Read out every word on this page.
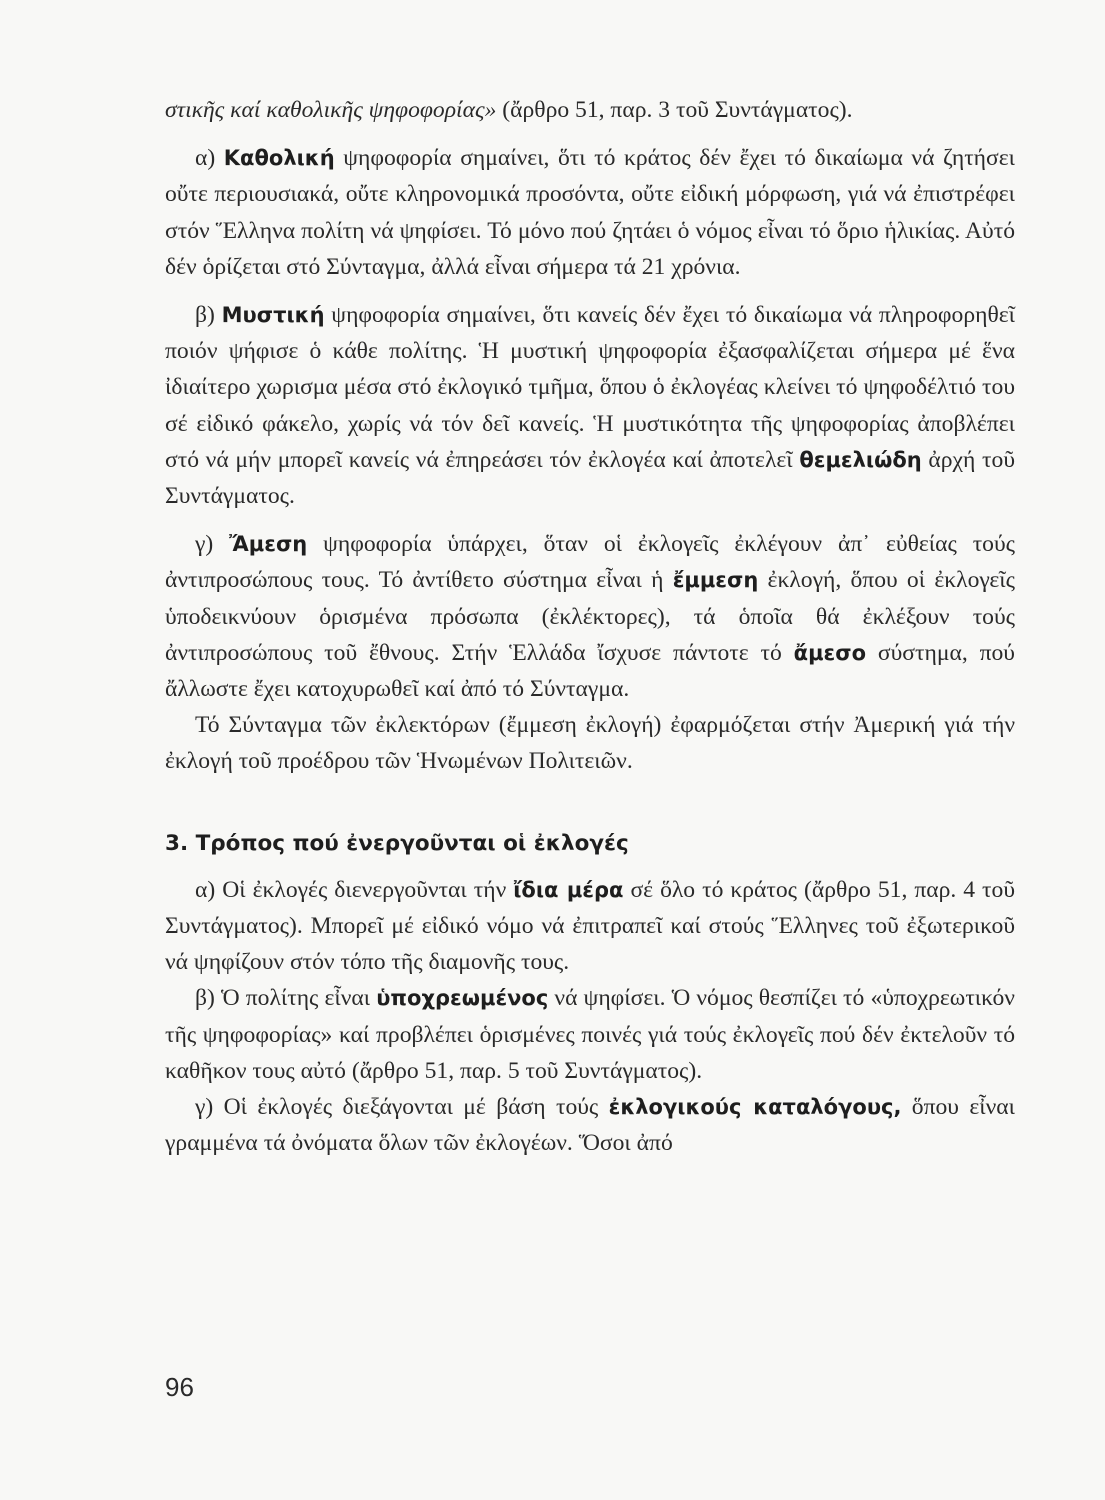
στικῆς καί καθολικῆς ψηφοφορίας» (ἄρθρο 51, παρ. 3 τοῦ Συντάγματος).

α) Καθολική ψηφοφορία σημαίνει, ὅτι τό κράτος δέν ἔχει τό δικαίωμα νά ζητήσει οὔτε περιουσιακά, οὔτε κληρονομικά προσόντα, οὔτε εἰδική μόρφωση, γιά νά ἐπιστρέφει στόν Ἕλληνα πολίτη νά ψηφίσει. Τό μόνο πού ζητάει ὁ νόμος εἶναι τό ὅριο ἡλικίας. Αὐτό δέν ὁρίζεται στό Σύνταγμα, ἀλλά εἶναι σήμερα τά 21 χρόνια.

β) Μυστική ψηφοφορία σημαίνει, ὅτι κανείς δέν ἔχει τό δικαίωμα νά πληροφορηθεῖ ποιόν ψήφισε ὁ κάθε πολίτης. Ἡ μυστική ψηφοφορία ἐξασφαλίζεται σήμερα μέ ἕνα ἰδιαίτερο χωρισμα μέσα στό ἐκλογικό τμῆμα, ὅπου ὁ ἐκλογέας κλείνει τό ψηφοδέλτιό του σέ εἰδικό φάκελο, χωρίς νά τόν δεῖ κανείς. Ἡ μυστικότητα τῆς ψηφοφορίας ἀποβλέπει στό νά μήν μπορεῖ κανείς νά ἐπηρεάσει τόν ἐκλογέα καί ἀποτελεῖ θεμελιώδη ἀρχή τοῦ Συντάγματος.

γ) Ἄμεση ψηφοφορία ὑπάρχει, ὅταν οἱ ἐκλογεῖς ἐκλέγουν ἀπ᾽ εὐθείας τούς ἀντιπροσώπους τους. Τό ἀντίθετο σύστημα εἶναι ἡ ἔμμεση ἐκλογή, ὅπου οἱ ἐκλογεῖς ὑποδεικνύουν ὁρισμένα πρόσωπα (ἐκλέκτορες), τά ὁποῖα θά ἐκλέξουν τούς ἀντιπροσώπους τοῦ ἔθνους. Στήν Ἑλλάδα ἴσχυσε πάντοτε τό ἄμεσο σύστημα, πού ἄλλωστε ἔχει κατοχυρωθεῖ καί ἀπό τό Σύνταγμα.

Τό Σύνταγμα τῶν ἐκλεκτόρων (ἔμμεση ἐκλογή) ἐφαρμόζεται στήν Ἀμερική γιά τήν ἐκλογή τοῦ προέδρου τῶν Ἡνωμένων Πολιτειῶν.

3. Τρόπος πού ἐνεργοῦνται οἱ ἐκλογές

α) Οἱ ἐκλογές διενεργοῦνται τήν ἴδια μέρα σέ ὅλο τό κράτος (ἄρθρο 51, παρ. 4 τοῦ Συντάγματος). Μπορεῖ μέ εἰδικό νόμο νά ἐπιτραπεῖ καί στούς Ἕλληνες τοῦ ἐξωτερικοῦ νά ψηφίζουν στόν τόπο τῆς διαμονῆς τους.

β) Ὁ πολίτης εἶναι ὑποχρεωμένος νά ψηφίσει. Ὁ νόμος θεσπίζει τό «ὑποχρεωτικόν τῆς ψηφοφορίας» καί προβλέπει ὁρισμένες ποινές γιά τούς ἐκλογεῖς πού δέν ἐκτελοῦν τό καθῆκον τους αὐτό (ἄρθρο 51, παρ. 5 τοῦ Συντάγματος).

γ) Οἱ ἐκλογές διεξάγονται μέ βάση τούς ἐκλογικούς καταλόγους, ὅπου εἶναι γραμμένα τά ὀνόματα ὅλων τῶν ἐκλογέων. Ὅσοι ἀπό

96
